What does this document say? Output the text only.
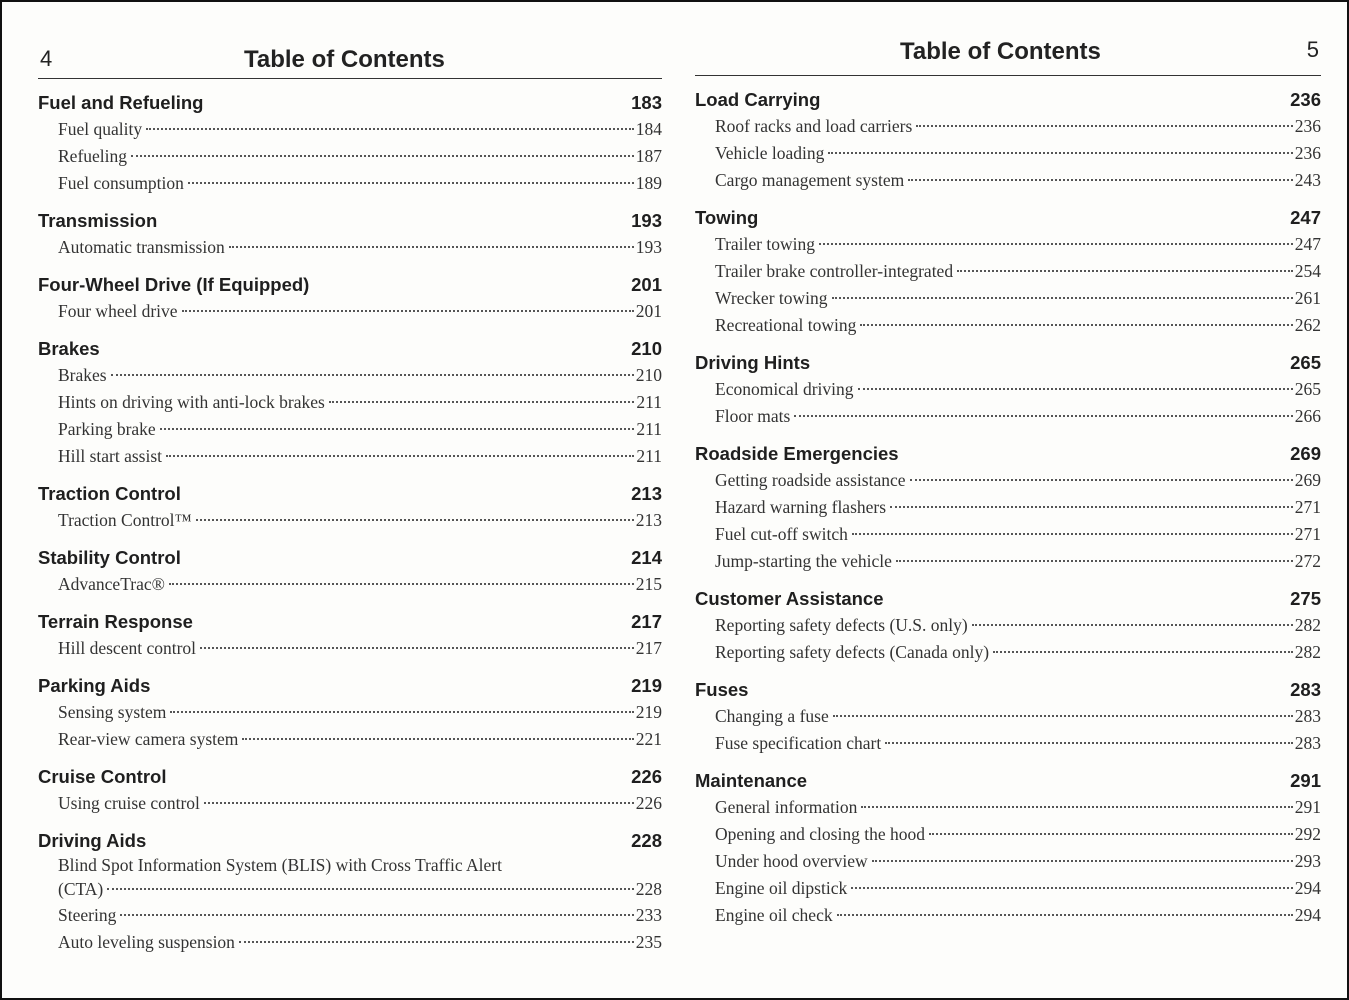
4	Table of Contents
Fuel and Refueling	183
Fuel quality	184
Refueling	187
Fuel consumption	189
Transmission	193
Automatic transmission	193
Four-Wheel Drive (If Equipped)	201
Four wheel drive	201
Brakes	210
Brakes	210
Hints on driving with anti-lock brakes	211
Parking brake	211
Hill start assist	211
Traction Control	213
Traction Control™	213
Stability Control	214
AdvanceTrac®	215
Terrain Response	217
Hill descent control	217
Parking Aids	219
Sensing system	219
Rear-view camera system	221
Cruise Control	226
Using cruise control	226
Driving Aids	228
Blind Spot Information System (BLIS) with Cross Traffic Alert
(CTA)	228
Steering	233
Auto leveling suspension	235
Table of Contents	5
Load Carrying	236
Roof racks and load carriers	236
Vehicle loading	236
Cargo management system	243
Towing	247
Trailer towing	247
Trailer brake controller-integrated	254
Wrecker towing	261
Recreational towing	262
Driving Hints	265
Economical driving	265
Floor mats	266
Roadside Emergencies	269
Getting roadside assistance	269
Hazard warning flashers	271
Fuel cut-off switch	271
Jump-starting the vehicle	272
Customer Assistance	275
Reporting safety defects (U.S. only)	282
Reporting safety defects (Canada only)	282
Fuses	283
Changing a fuse	283
Fuse specification chart	283
Maintenance	291
General information	291
Opening and closing the hood	292
Under hood overview	293
Engine oil dipstick	294
Engine oil check	294
